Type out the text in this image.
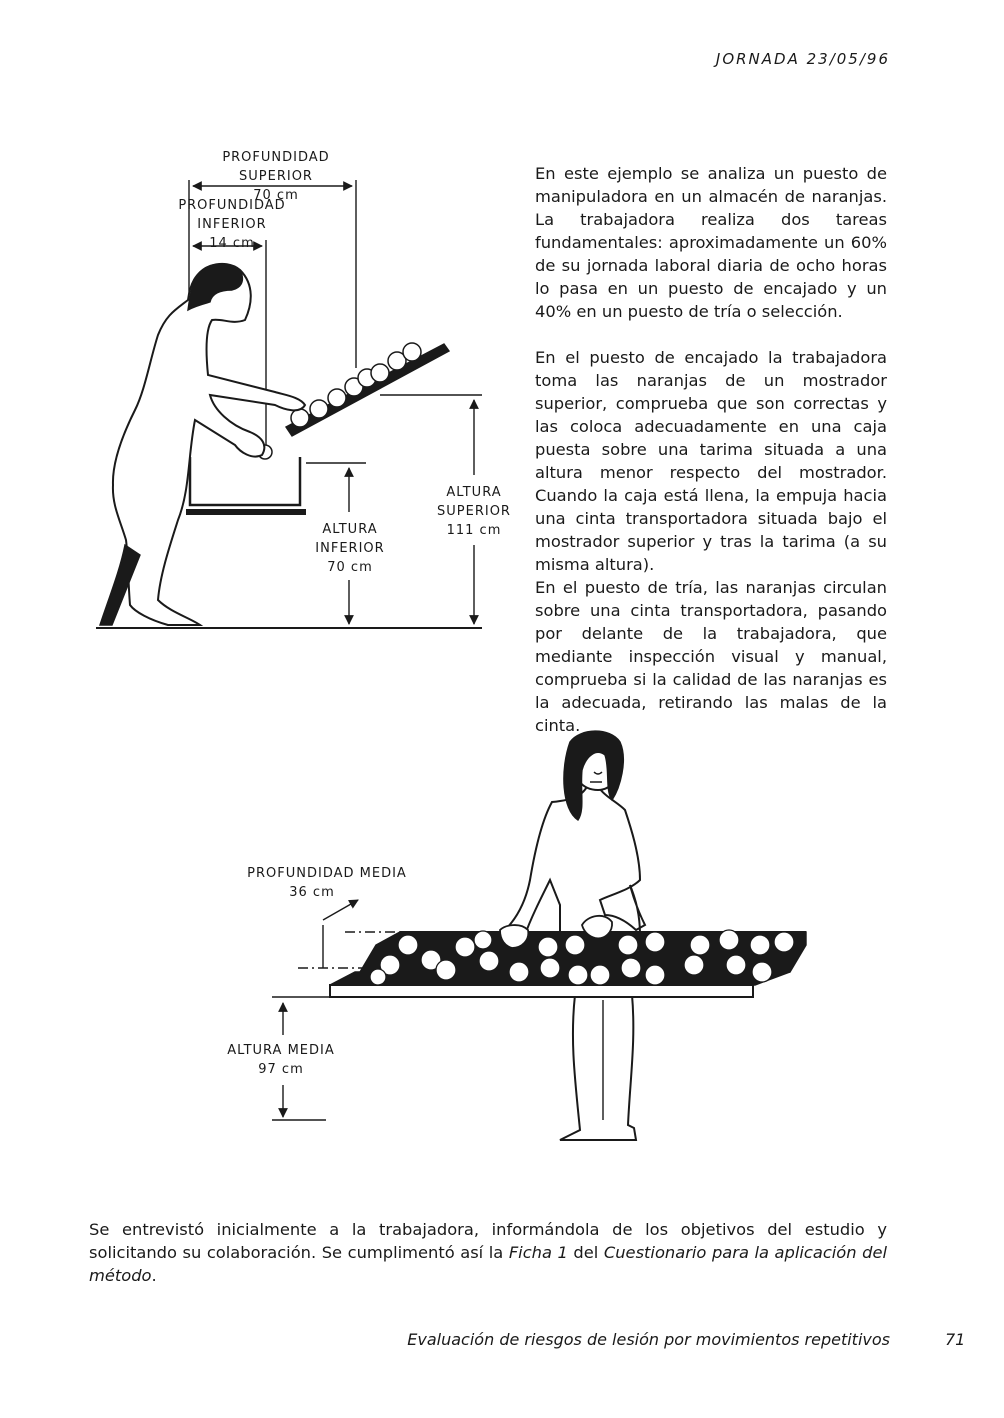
JORNADA 23/05/96
PROFUNDIDAD SUPERIOR
70 cm
PROFUNDIDAD
INFERIOR
14 cm
ALTURA
SUPERIOR
111 cm
ALTURA
INFERIOR
70 cm
PROFUNDIDAD MEDIA
36 cm
ALTURA MEDIA
97 cm

En este ejemplo se analiza un puesto de manipuladora en un almacén de naranjas. La trabajadora realiza dos tareas fundamentales: aproximadamente un 60% de su jornada laboral diaria de ocho horas lo pasa en un puesto de encajado y un 40% en un puesto de tría o selección.

En el puesto de encajado la trabajadora toma las naranjas de un mostrador superior, comprueba que son correctas y las coloca adecuadamente en una caja puesta sobre una tarima situada a una altura menor respecto del mostrador. Cuando la caja está llena, la empuja hacia una cinta transportadora situada bajo el mostrador superior y tras la tarima (a su misma altura).

En el puesto de tría, las naranjas circulan sobre una cinta transportadora, pasando por delante de la trabajadora, que mediante inspección visual y manual, comprueba si la calidad de las naranjas es la adecuada, retirando las malas de la cinta.

Se entrevistó inicialmente a la trabajadora, informándola de los objetivos del estudio y solicitando su colaboración. Se cumplimentó así la Ficha 1 del Cuestionario para la aplicación del método.

Evaluación de riesgos de lesión por movimientos repetitivos	71
